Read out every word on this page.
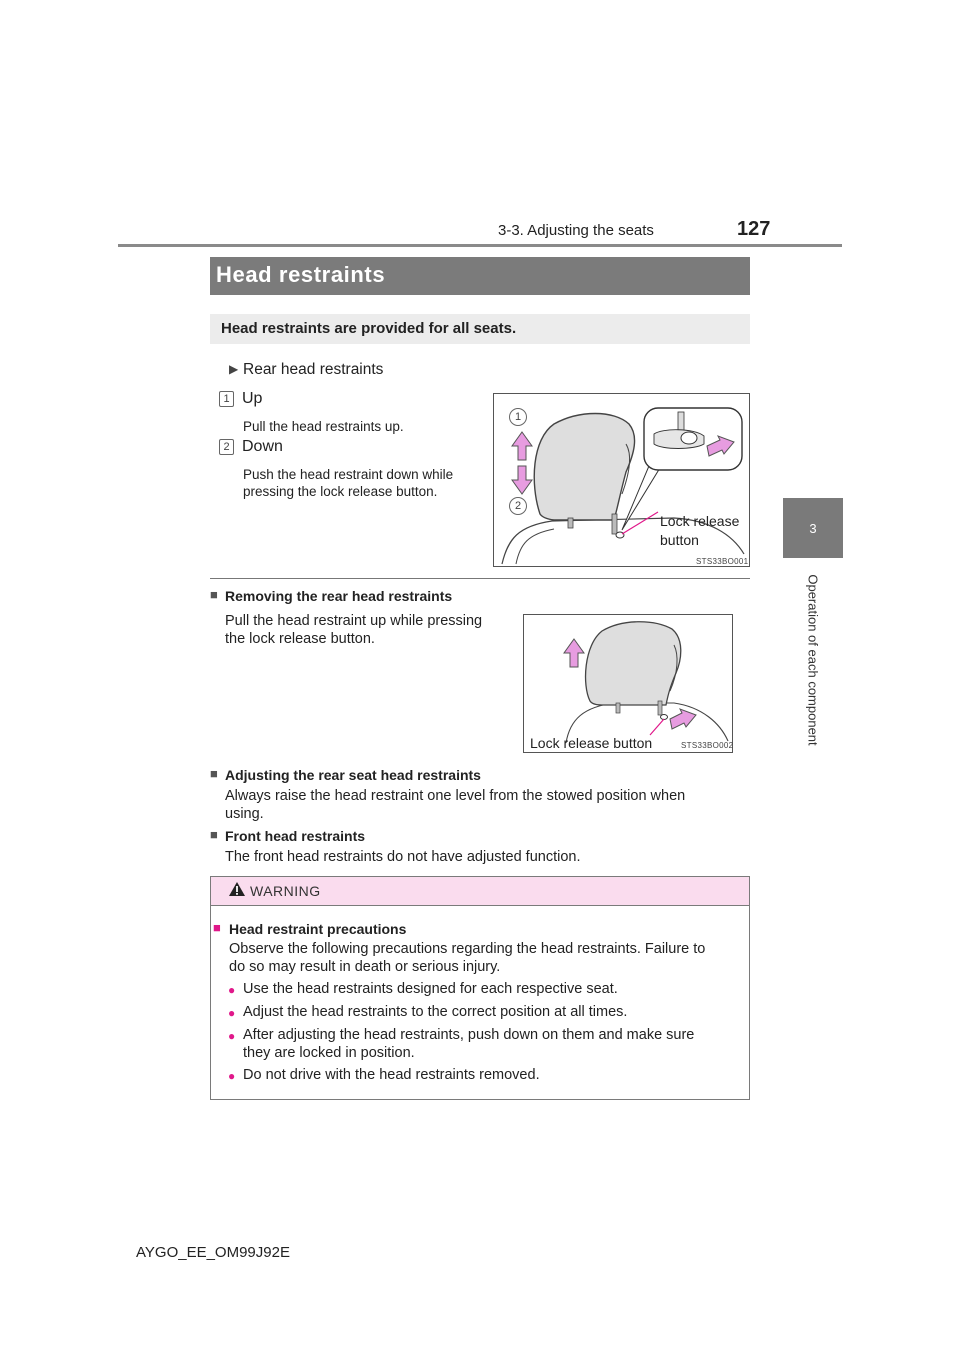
3-3. Adjusting the seats	127
3
Operation of each component
Head restraints
Head restraints are provided for all seats.
▶ Rear head restraints
1 Up
Pull the head restraints up.
2 Down
Push the head restraint down while
pressing the lock release button.
1
2
Lock release
button
STS33BO001
■ Removing the rear head restraints
Pull the head restraint up while pressing
the lock release button.
Lock release button	STS33BO002
■ Adjusting the rear seat head restraints
Always raise the head restraint one level from the stowed position when
using.
■ Front head restraints
The front head restraints do not have adjusted function.
WARNING
■ Head restraint precautions
Observe the following precautions regarding the head restraints. Failure to
do so may result in death or serious injury.
● Use the head restraints designed for each respective seat.
● Adjust the head restraints to the correct position at all times.
● After adjusting the head restraints, push down on them and make sure
they are locked in position.
● Do not drive with the head restraints removed.
AYGO_EE_OM99J92E
